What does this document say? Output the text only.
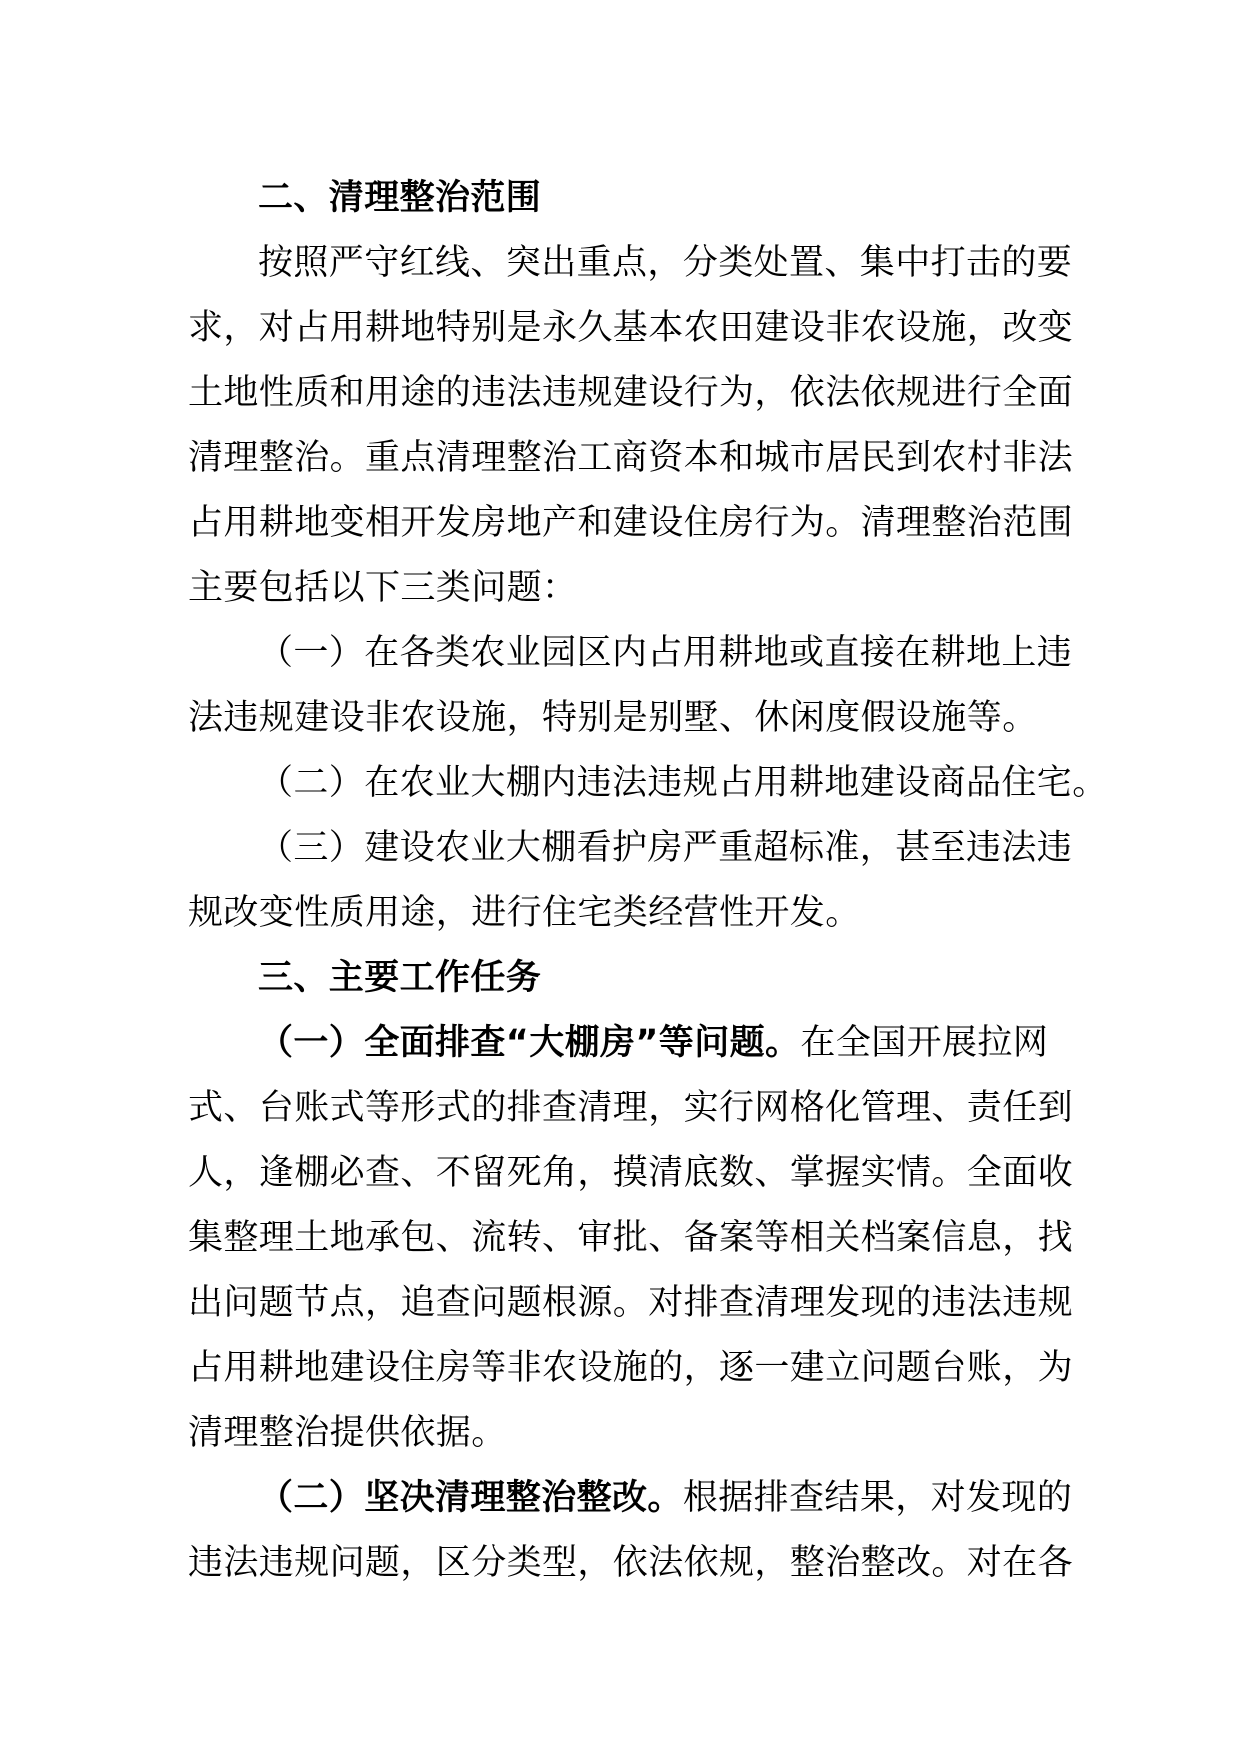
二、清理整治范围
按照严守红线、突出重点，分类处置、集中打击的要
求，对占用耕地特别是永久基本农田建设非农设施，改变
土地性质和用途的违法违规建设行为，依法依规进行全面
清理整治。重点清理整治工商资本和城市居民到农村非法
占用耕地变相开发房地产和建设住房行为。清理整治范围
主要包括以下三类问题：
（一）在各类农业园区内占用耕地或直接在耕地上违
法违规建设非农设施，特别是别墅、休闲度假设施等。
（二）在农业大棚内违法违规占用耕地建设商品住宅。
（三）建设农业大棚看护房严重超标准，甚至违法违
规改变性质用途，进行住宅类经营性开发。
三、主要工作任务
（一）全面排查“大棚房”等问题。在全国开展拉网
式、台账式等形式的排查清理，实行网格化管理、责任到
人，逢棚必查、不留死角，摸清底数、掌握实情。全面收
集整理土地承包、流转、审批、备案等相关档案信息，找
出问题节点，追查问题根源。对排查清理发现的违法违规
占用耕地建设住房等非农设施的，逐一建立问题台账，为
清理整治提供依据。
（二）坚决清理整治整改。根据排查结果，对发现的
违法违规问题，区分类型，依法依规，整治整改。对在各
